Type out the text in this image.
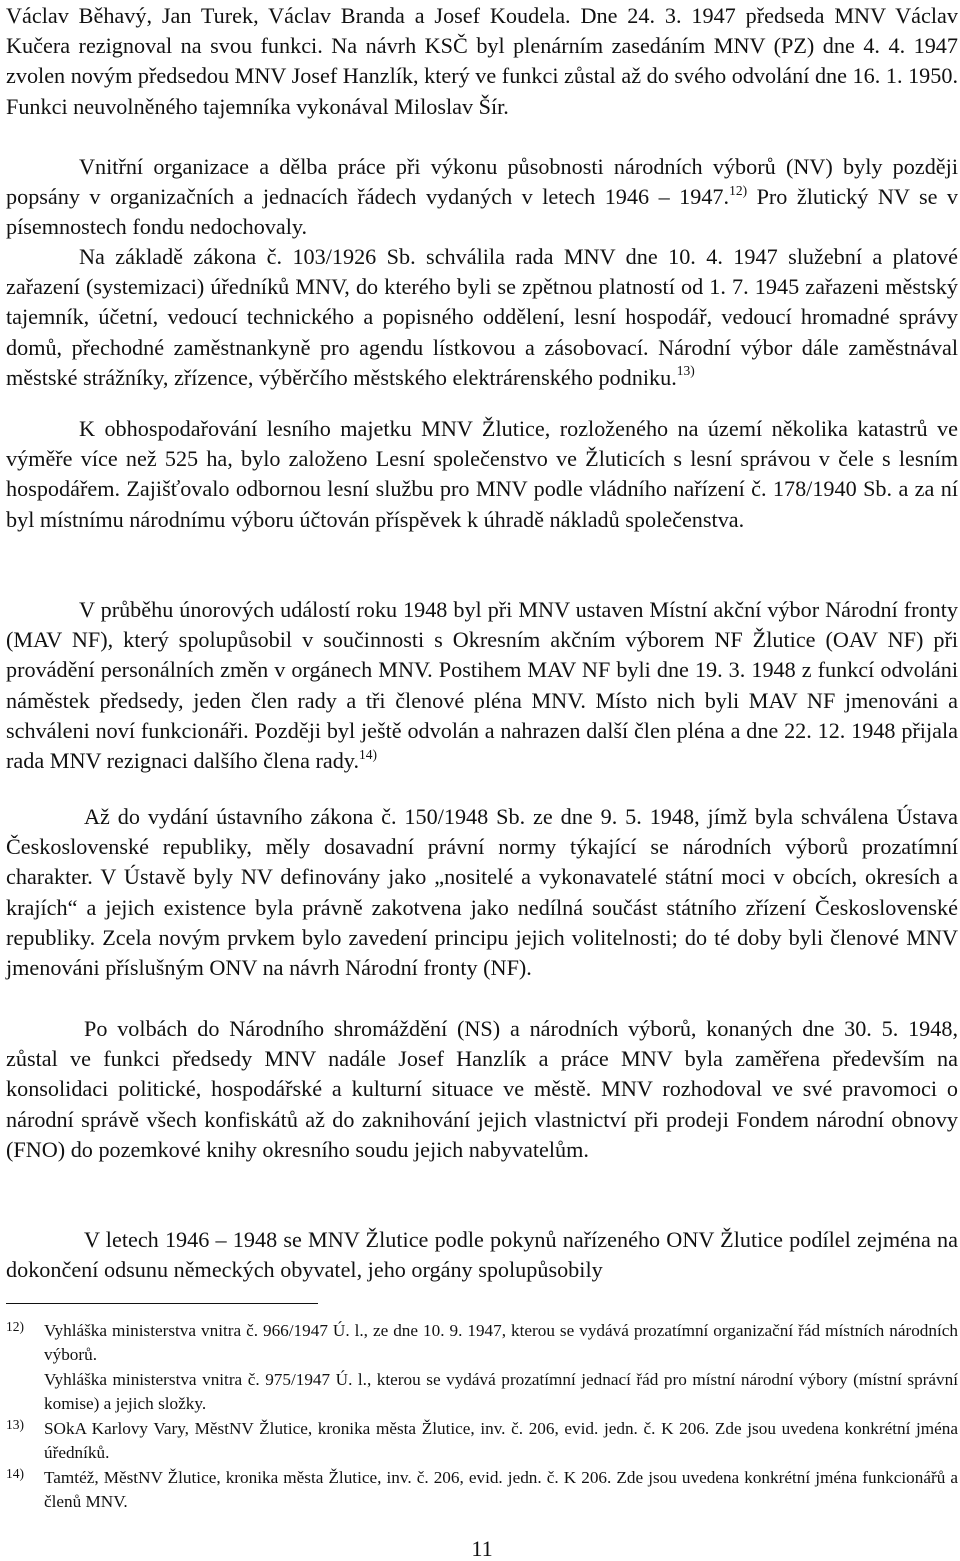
Václav Běhavý, Jan Turek, Václav Branda a Josef Koudela. Dne 24. 3. 1947 předseda MNV Václav Kučera rezignoval na svou funkci. Na návrh KSČ byl plenárním zasedáním MNV (PZ) dne 4. 4. 1947 zvolen novým předsedou MNV Josef Hanzlík, který ve funkci zůstal až do svého odvolání dne 16. 1. 1950. Funkci neuvolněného tajemníka vykonával Miloslav Šír.

Vnitřní organizace a dělba práce při výkonu působnosti národních výborů (NV) byly později popsány v organizačních a jednacích řádech vydaných v letech 1946 – 1947.$^{12)}$ Pro žlutický NV se v písemnostech fondu nedochovaly.

Na základě zákona č. 103/1926 Sb. schválila rada MNV dne 10. 4. 1947 služební a platové zařazení (systemizaci) úředníků MNV, do kterého byli se zpětnou platností od 1. 7. 1945 zařazeni městský tajemník, účetní, vedoucí technického a popisného oddělení, lesní hospodář, vedoucí hromadné správy domů, přechodné zaměstnankyně pro agendu lístkovou a zásobovací. Národní výbor dále zaměstnával městské strážníky, zřízence, výběrčího městského elektrárenského podniku.$^{13)}$

K obhospodařování lesního majetku MNV Žlutice, rozloženého na území několika katastrů ve výměře více než 525 ha, bylo založeno Lesní společenstvo ve Žluticích s lesní správou v čele s lesním hospodářem. Zajišťovalo odbornou lesní službu pro MNV podle vládního nařízení č. 178/1940 Sb. a za ní byl místnímu národnímu výboru účtován příspěvek k úhradě nákladů společenstva.

V průběhu únorových událostí roku 1948 byl při MNV ustaven Místní akční výbor Národní fronty (MAV NF), který spolupůsobil v součinnosti s Okresním akčním výborem NF Žlutice (OAV NF) při provádění personálních změn v orgánech MNV. Postihem MAV NF byli dne 19. 3. 1948 z funkcí odvoláni náměstek předsedy, jeden člen rady a tři členové pléna MNV. Místo nich byli MAV NF jmenováni a schváleni noví funkcionáři. Později byl ještě odvolán a nahrazen další člen pléna a dne 22. 12. 1948 přijala rada MNV rezignaci dalšího člena rady.$^{14)}$

Až do vydání ústavního zákona č. 150/1948 Sb. ze dne 9. 5. 1948, jímž byla schválena Ústava Československé republiky, měly dosavadní právní normy týkající se národních výborů prozatímní charakter. V Ústavě byly NV definovány jako „nositelé a vykonavatelé státní moci v obcích, okresích a krajích“ a jejich existence byla právně zakotvena jako nedílná součást státního zřízení Československé republiky. Zcela novým prvkem bylo zavedení principu jejich volitelnosti; do té doby byli členové MNV jmenováni příslušným ONV na návrh Národní fronty (NF).

Po volbách do Národního shromáždění (NS) a národních výborů, konaných dne 30. 5. 1948, zůstal ve funkci předsedy MNV nadále Josef Hanzlík a práce MNV byla zaměřena především na konsolidaci politické, hospodářské a kulturní situace ve městě. MNV rozhodoval ve své pravomoci o národní správě všech konfiskátů až do zaknihování jejich vlastnictví při prodeji Fondem národní obnovy (FNO) do pozemkové knihy okresního soudu jejich nabyvatelům.

V letech 1946 – 1948 se MNV Žlutice podle pokynů nařízeného ONV Žlutice podílel zejména na dokončení odsunu německých obyvatel, jeho orgány spolupůsobily

12) Vyhláška ministerstva vnitra č. 966/1947 Ú. l., ze dne 10. 9. 1947, kterou se vydává prozatímní organizační řád místních národních výborů.
Vyhláška ministerstva vnitra č. 975/1947 Ú. l., kterou se vydává prozatímní jednací řád pro místní národní výbory (místní správní komise) a jejich složky.
13) SOkA Karlovy Vary, MěstNV Žlutice, kronika města Žlutice, inv. č. 206, evid. jedn. č. K 206. Zde jsou uvedena konkrétní jména úředníků.
14) Tamtéž, MěstNV Žlutice, kronika města Žlutice, inv. č. 206, evid. jedn. č. K 206. Zde jsou uvedena konkrétní jména funkcionářů a členů MNV.
11
